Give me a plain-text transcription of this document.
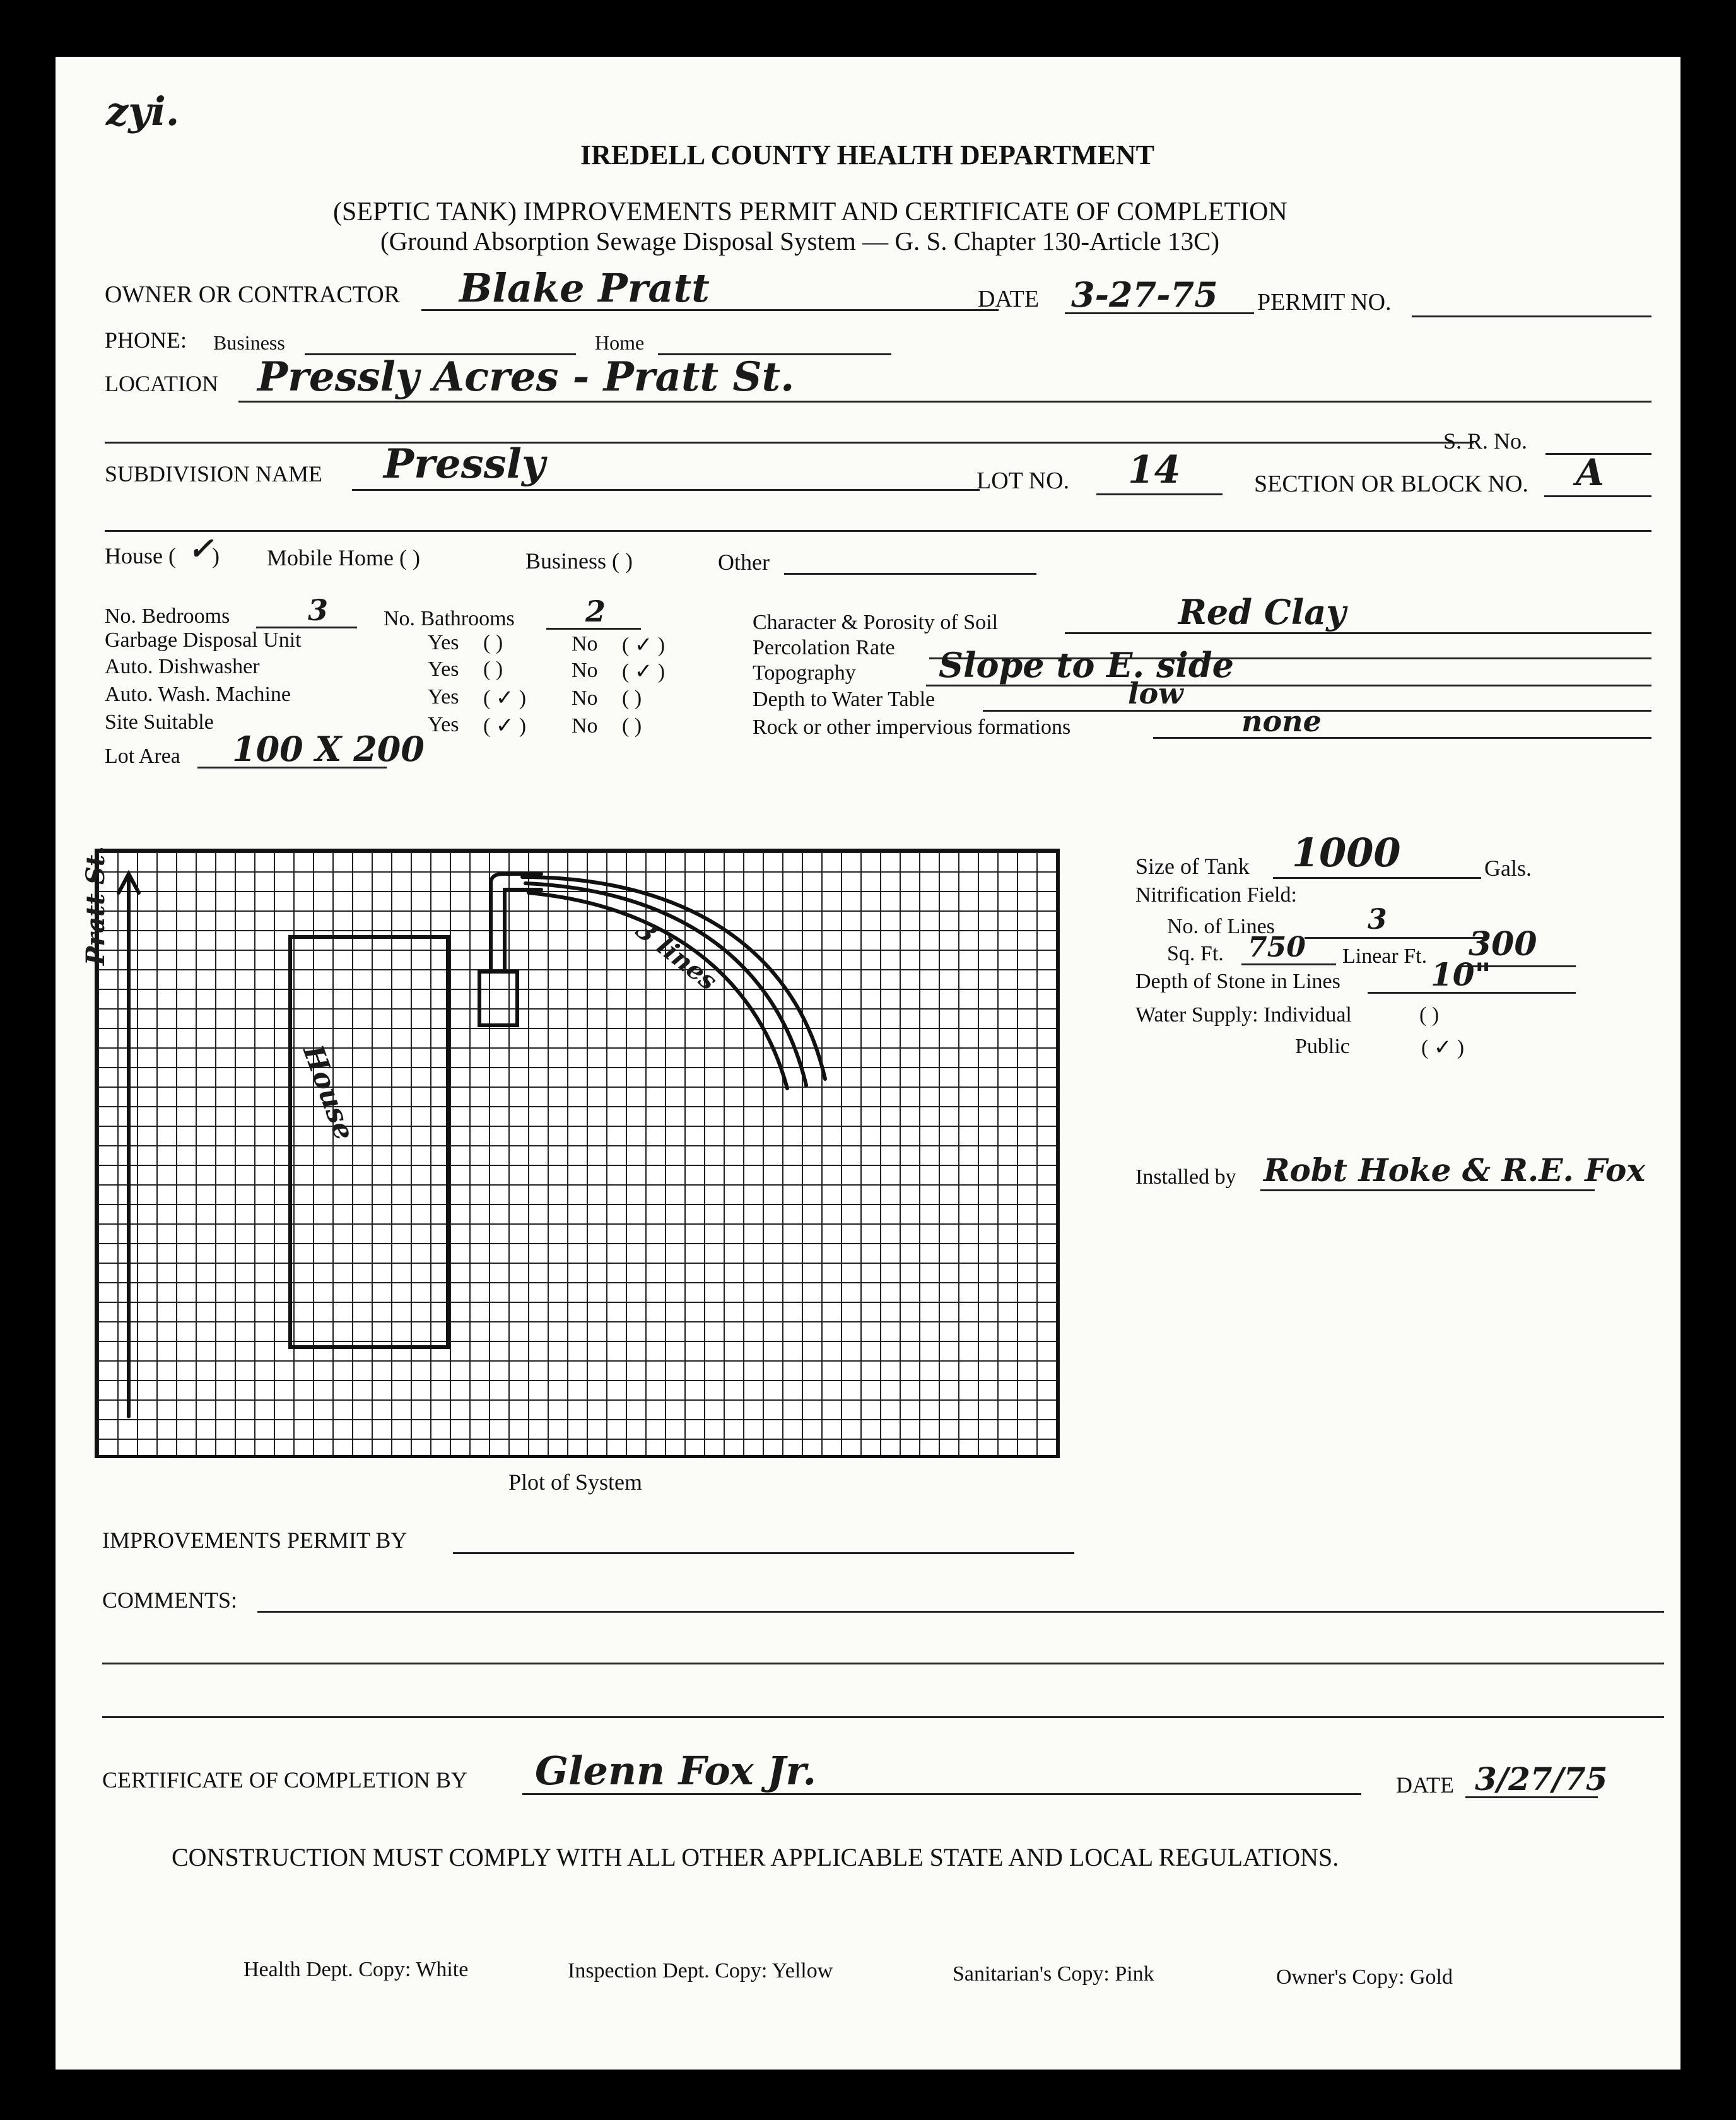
zyi.
IREDELL COUNTY HEALTH DEPARTMENT
(SEPTIC TANK) IMPROVEMENTS PERMIT AND CERTIFICATE OF COMPLETION
(Ground Absorption Sewage Disposal System — G. S. Chapter 130-Article 13C)
OWNER OR CONTRACTOR Blake Pratt	DATE 3-27-75 PERMIT NO.
PHONE: Business	Home
LOCATION Pressly Acres - Pratt St.
S. R. No.
SUBDIVISION NAME Pressly	LOT NO. 14	SECTION OR BLOCK NO. A
House ( ✓
) Mobile Home ( )	Business ( )	Other
No. Bedrooms	3	No. Bathrooms 2
Garbage Disposal Unit	Yes ( )	No ( ✓ )
Auto. Dishwasher	Yes ( )	No ( ✓ )
Auto. Wash. Machine	Yes ( ✓ ) No ( )
Site Suitable	Yes ( ✓ ) No ( )
Lot Area 100 X 200
Character & Porosity of Soil	Red Clay
Percolation Rate
Topography Slope to E. side
Depth to Water Table	low
Rock or other impervious formations	none
Pratt St.
House
3 lines
Plot of System
Size of Tank 1000	Gals.
Nitrification Field:
No. of Lines	3
Sq. Ft. 750 Linear Ft. 300
Depth of Stone in Lines	10"
Water Supply: Individual	( )
Public	( ✓ )
Installed by Robt Hoke & R.E. Fox
IMPROVEMENTS PERMIT BY
COMMENTS:
CERTIFICATE OF COMPLETION BY Glenn Fox Jr.	DATE 3/27/75
CONSTRUCTION MUST COMPLY WITH ALL OTHER APPLICABLE STATE AND LOCAL REGULATIONS.
Health Dept. Copy: White	Inspection Dept. Copy: Yellow	Sanitarian's Copy: Pink	Owner's Copy: Gold
